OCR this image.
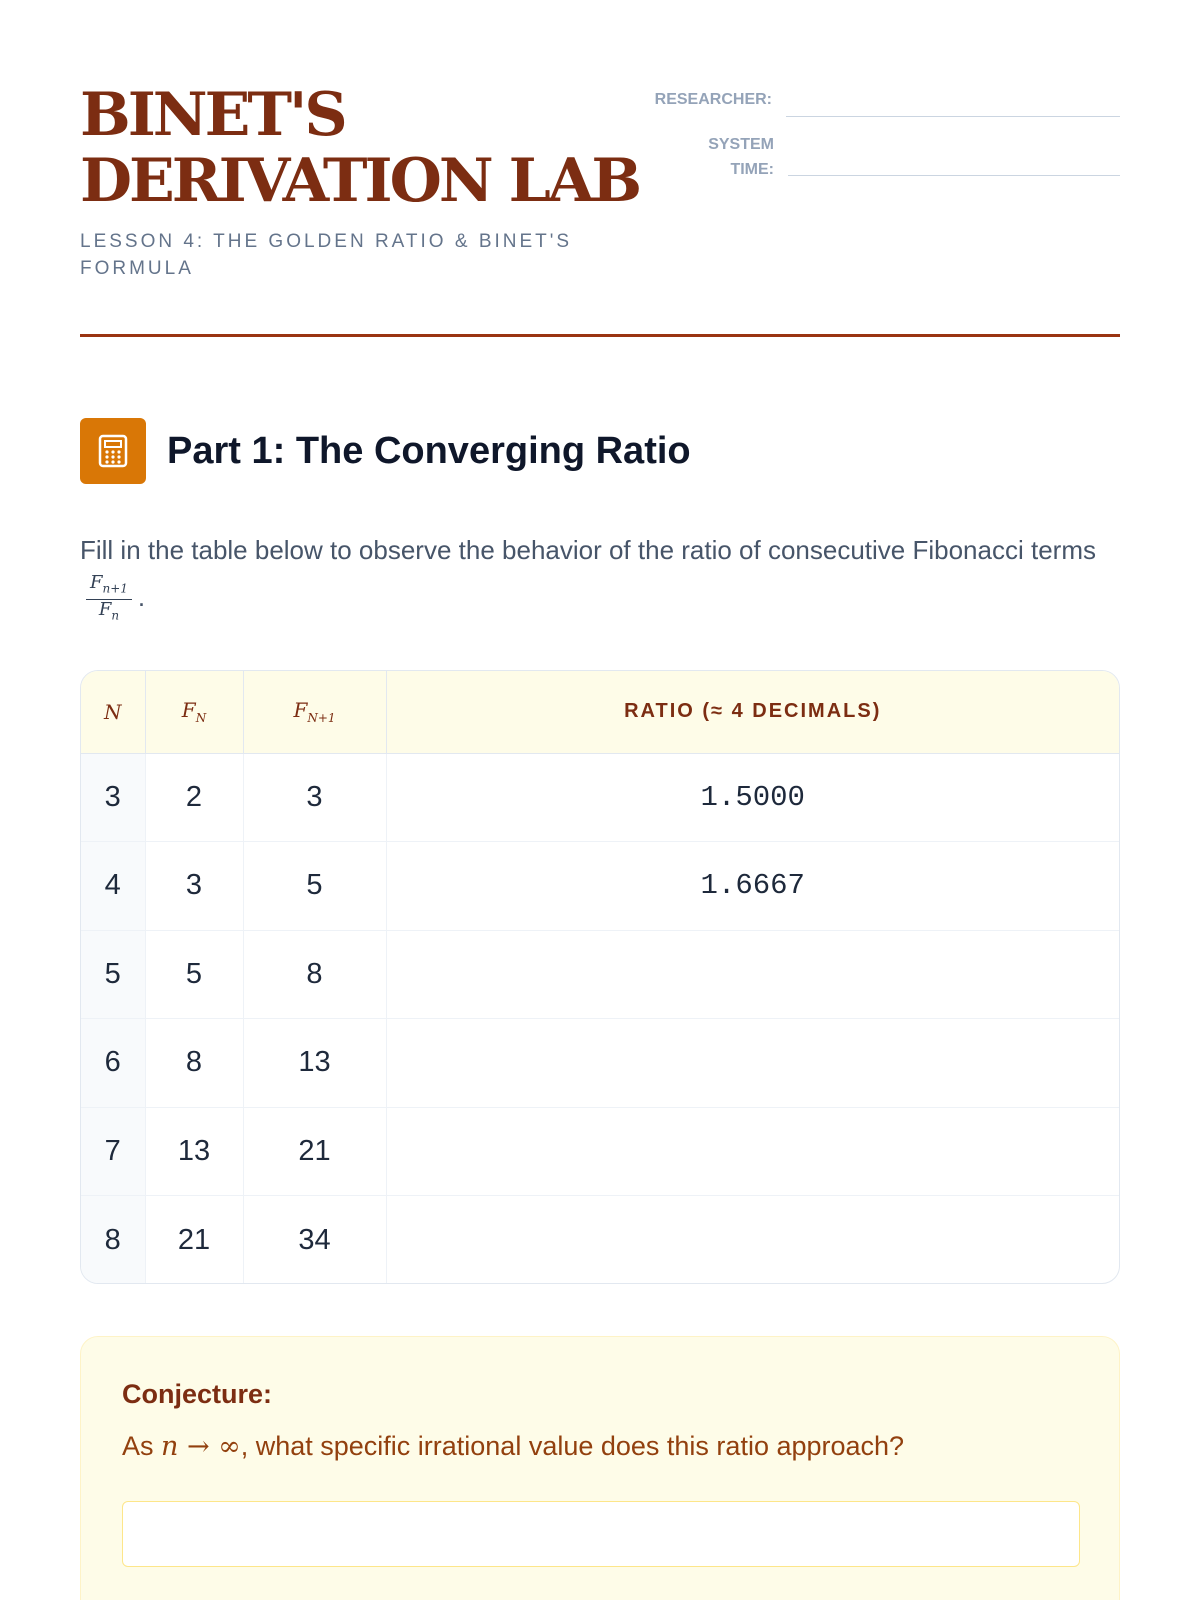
BINET'S DERIVATION LAB
LESSON 4: THE GOLDEN RATIO & BINET'S FORMULA
RESEARCHER:
SYSTEM TIME:
Part 1: The Converging Ratio
Fill in the table below to observe the behavior of the ratio of consecutive Fibonacci terms
$\frac{F_{n+1}}{F_n}$ .
N	$F_N$	$F_{N+1}$	RATIO (≈ 4 DECIMALS)
3	2	3	1.5000
4	3	5	1.6667
5	5	8	
6	8	13	
7	13	21	
8	21	34	
Conjecture:
As n → ∞, what specific irrational value does this ratio approach?
